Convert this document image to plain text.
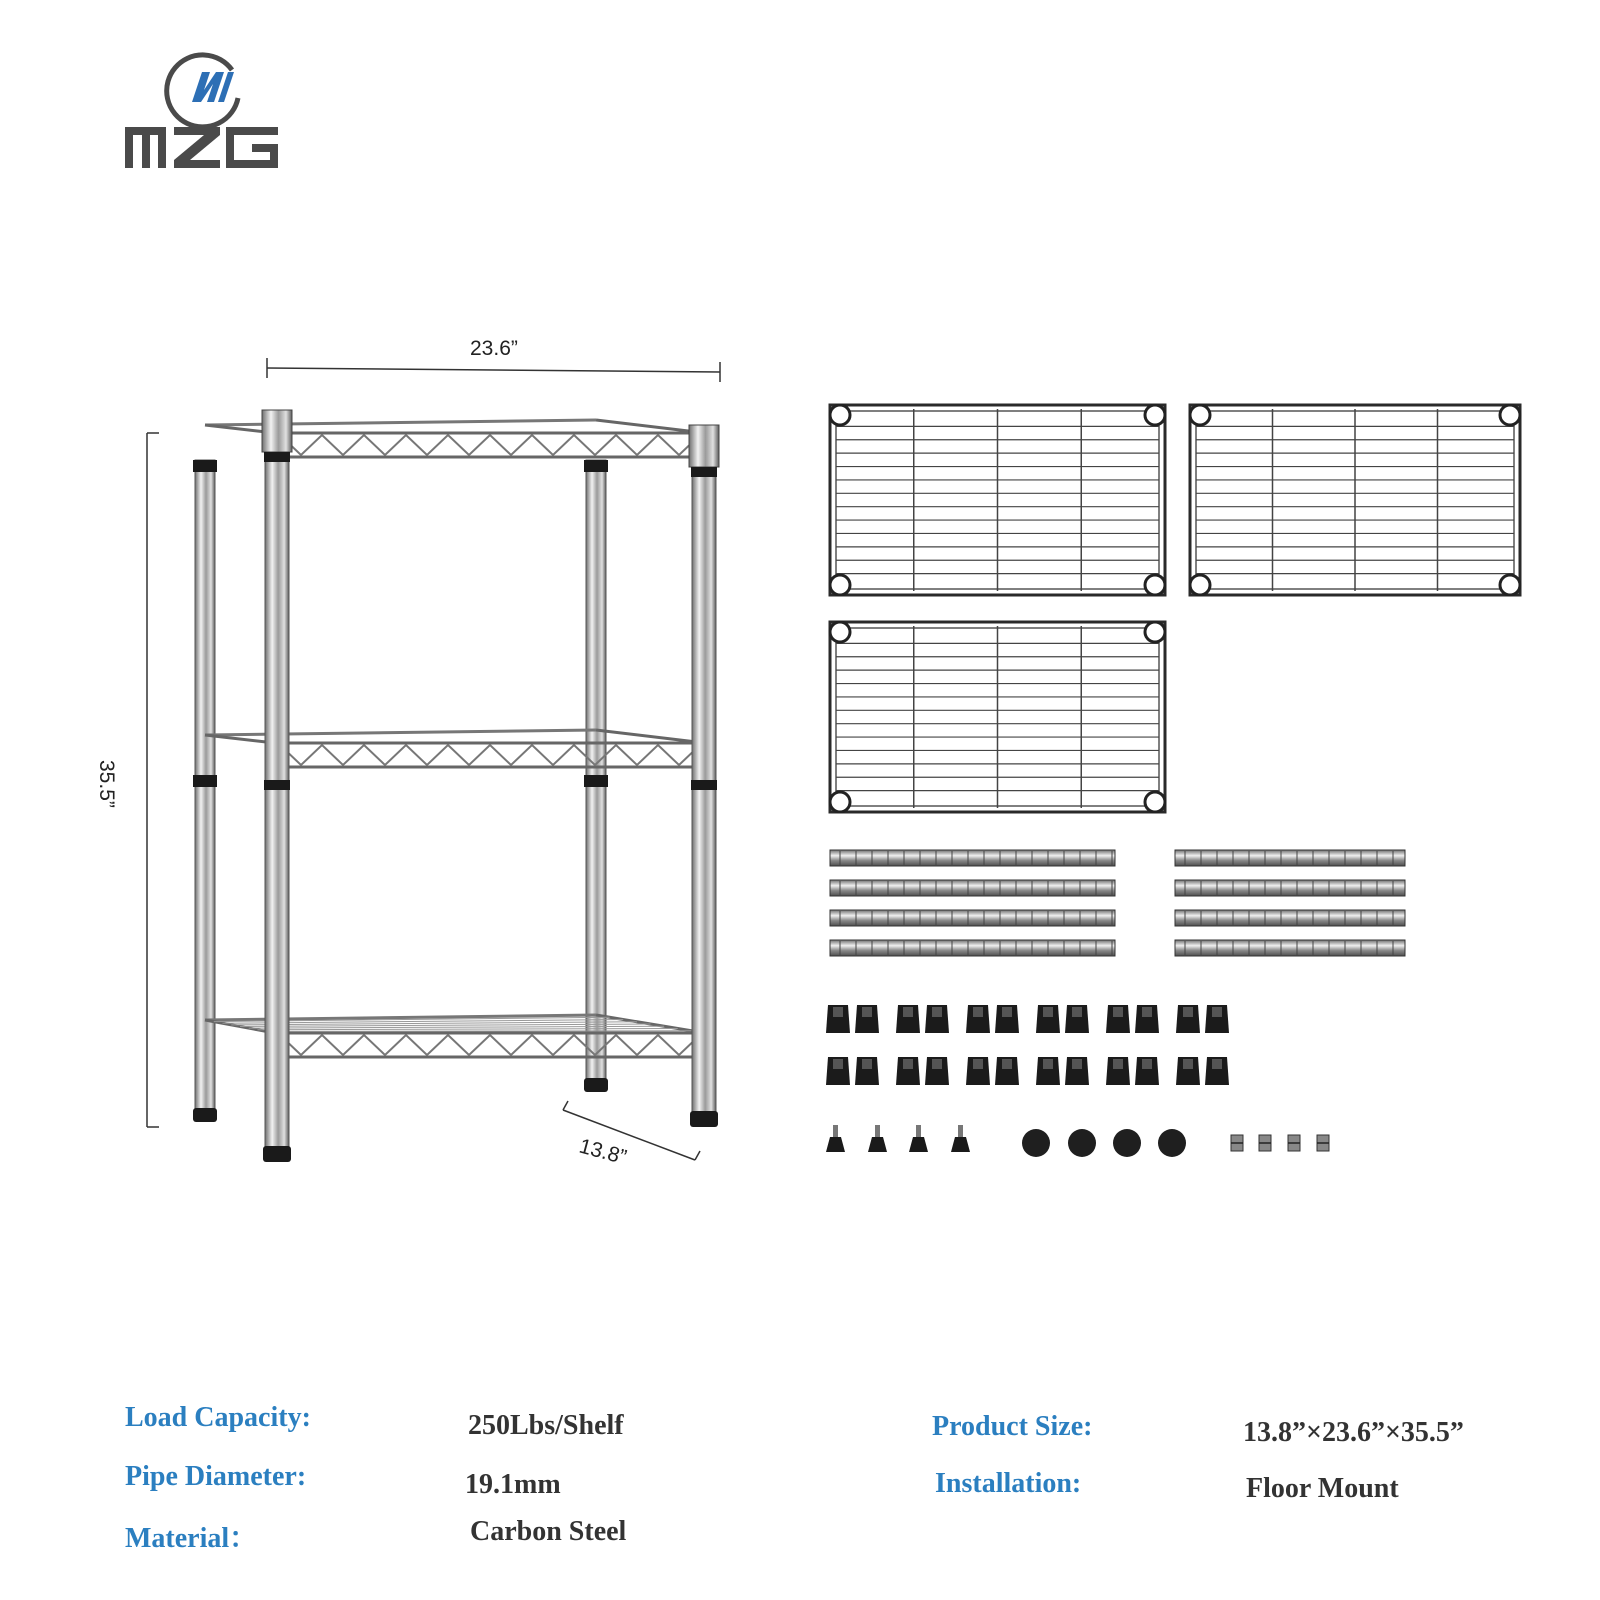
23.6”
35.5”
13.8”
Load Capacity:	250Lbs/Shelf
Pipe Diameter:	19.1mm
Material：	Carbon Steel
Product Size:	13.8”×23.6”×35.5”
Installation:	Floor Mount
